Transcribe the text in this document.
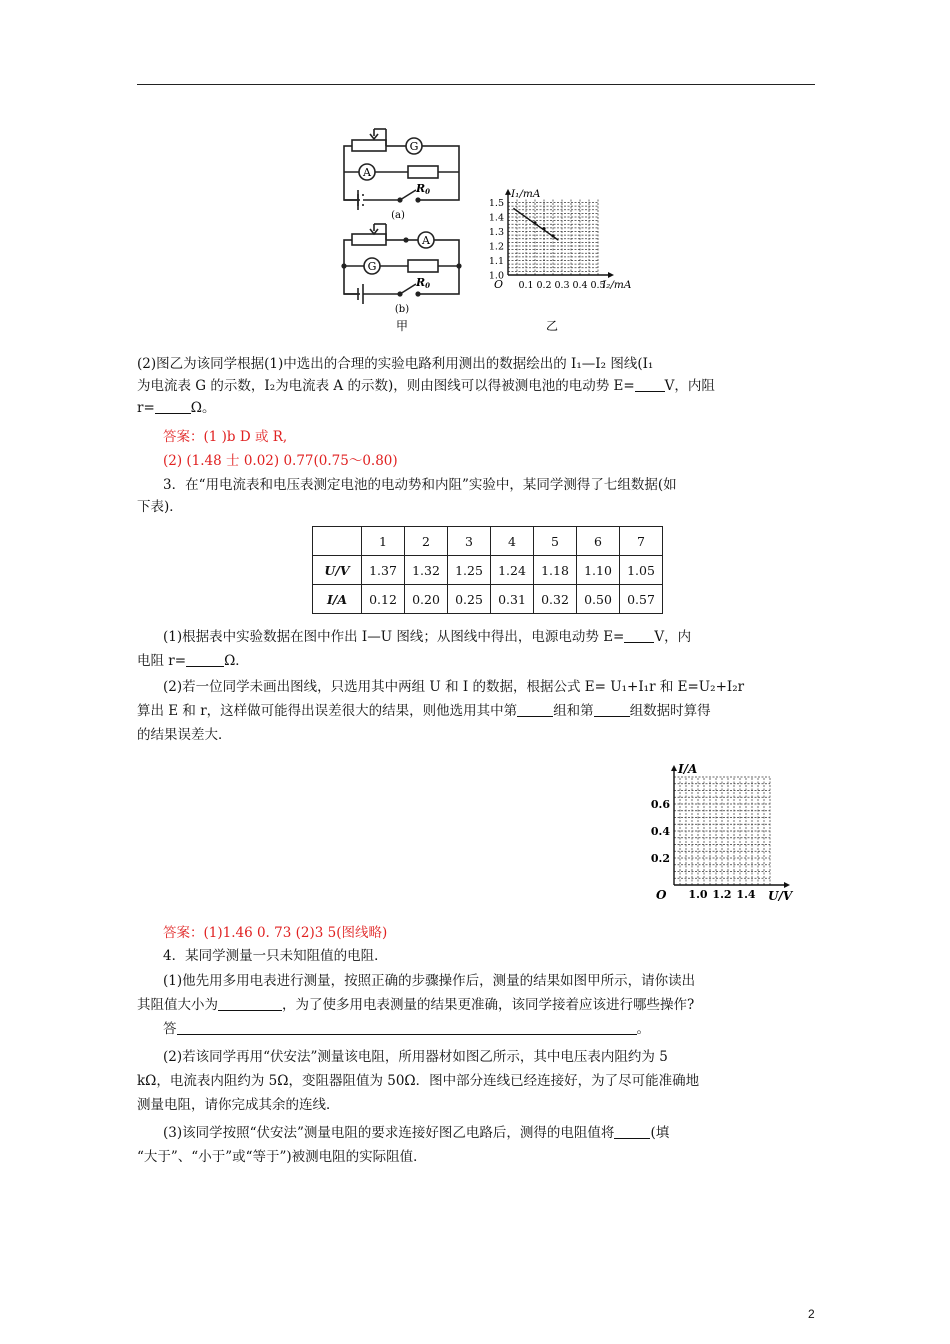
G
A
A
G
R0
R0
(a)
(b)
甲	乙
1.0
1.1
1.2
1.3
1.4
1.5
0.1 0.2 0.3 0.4 0.5
O
I₁/mA
I₂/mA
(2)图乙为该同学根据(1)中选出的合理的实验电路利用测出的数据绘出的 I₁—I₂ 图线(I₁
为电流表 G 的示数，I₂为电流表 A 的示数)，则由图线可以得被测电池的电动势 E= V，内阻
r=	Ω。
答案：(1 )b D 或 R,
(2) (1.48 士 0.02) 0.77(0.75～0.80)
3．在“用电流表和电压表测定电池的电动势和内阻”实验中，某同学测得了七组数据(如
下表)．
	1	2	3	4	5	6	7
U/V	1.37	1.32	1.25	1.24	1.18	1.10	1.05
I/A	0.12	0.20	0.25	0.31	0.32	0.50	0.57
(1)根据表中实验数据在图中作出 I—U 图线；从图线中得出，电源电动势 E= V，内
电阻 r=	Ω．
(2)若一位同学未画出图线，只选用其中两组 U 和 I 的数据，根据公式 E= U₁+I₁r 和 E=U₂+I₂r
算出 E 和 r，这样做可能得出误差很大的结果，则他选用其中第	组和第	组数据时算得
的结果误差大．
0.2
0.4
0.6
1.0 1.2 1.4
O
I/A
U/V
答案：(1)1.46 0. 73 (2)3 5(图线略)
4．某同学测量一只未知阻值的电阻．
(1)他先用多用电表进行测量，按照正确的步骤操作后，测量的结果如图甲所示，请你读出
其阻值大小为	，为了使多用电表测量的结果更准确，该同学接着应该进行哪些操作?
答	。
(2)若该同学再用“伏安法”测量该电阻，所用器材如图乙所示，其中电压表内阻约为 5
kΩ，电流表内阻约为 5Ω，变阻器阻值为 50Ω．图中部分连线已经连接好，为了尽可能准确地
测量电阻，请你完成其余的连线．
(3)该同学按照“伏安法”测量电阻的要求连接好图乙电路后，测得的电阻值将	(填
“大于”、“小于”或“等于”)被测电阻的实际阻值．
2
